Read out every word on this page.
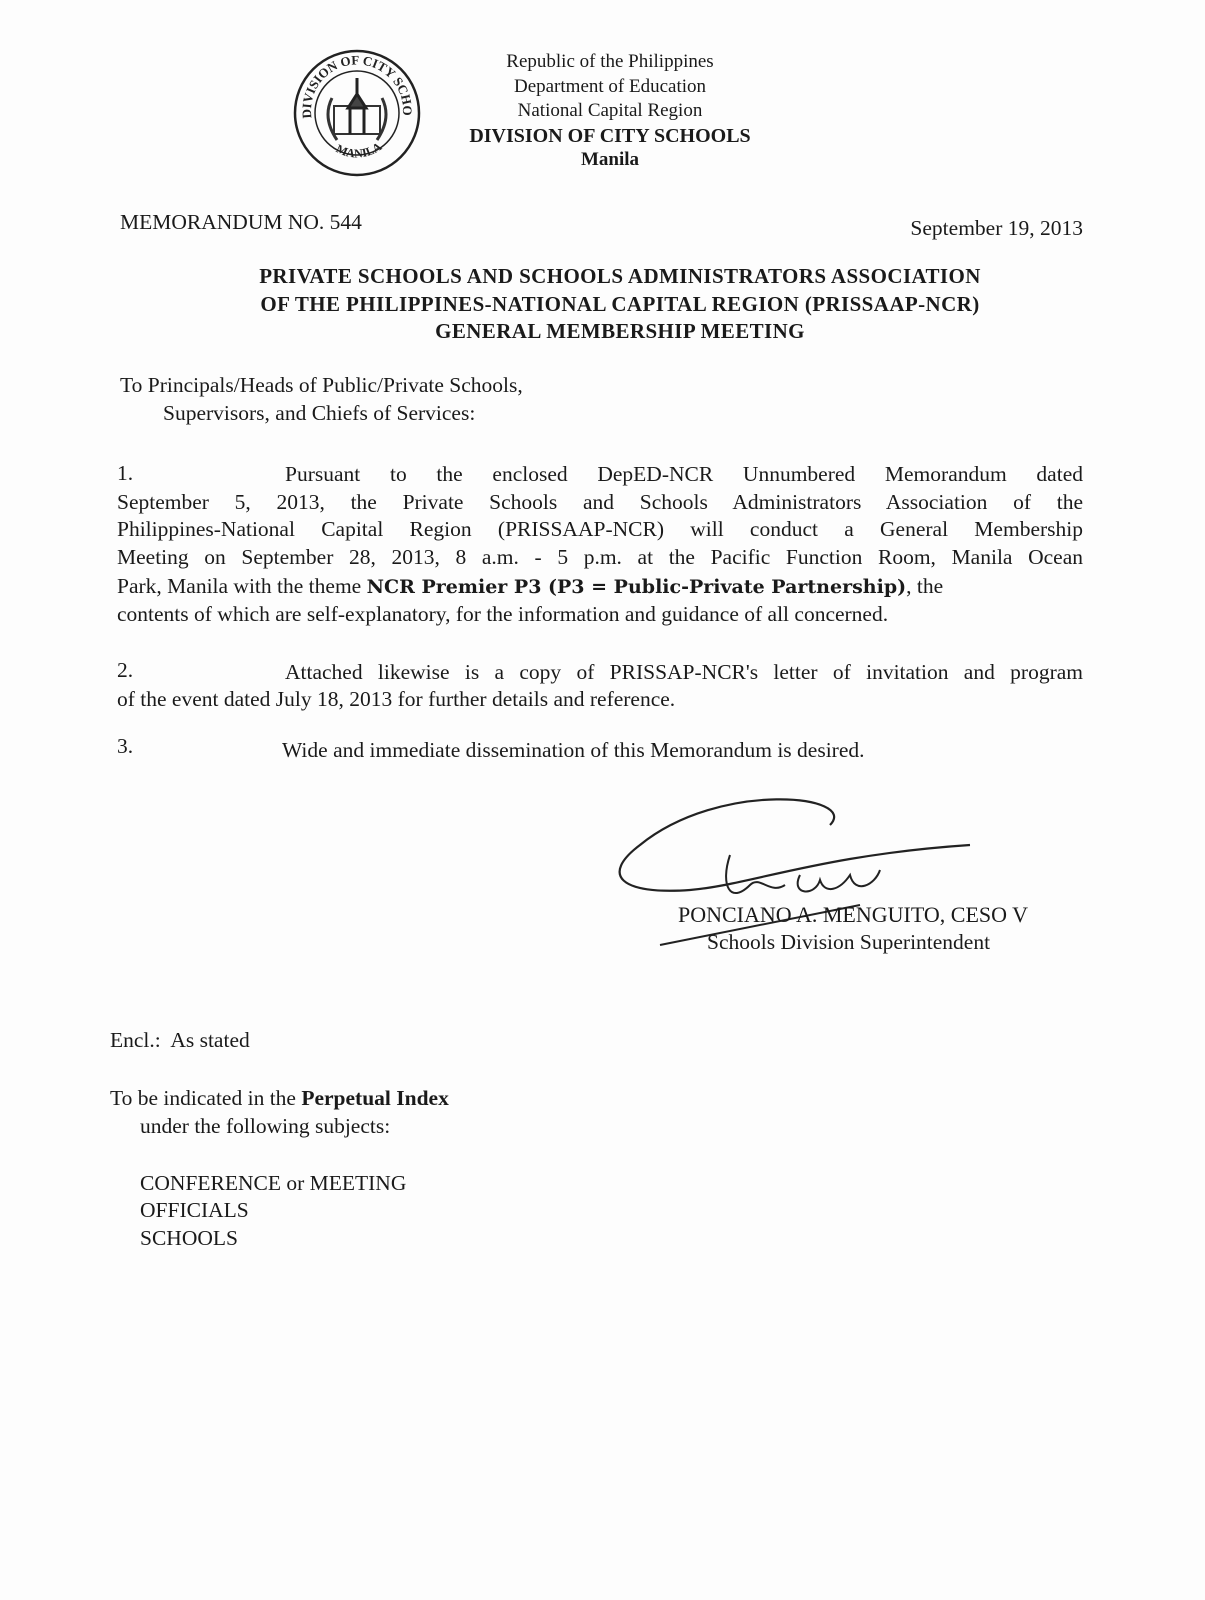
DIVISION OF CITY SCHO
MANILA
Republic of the Philippines
Department of Education
National Capital Region
DIVISION OF CITY SCHOOLS
Manila
MEMORANDUM NO. 544	September 19, 2013
PRIVATE SCHOOLS AND SCHOOLS ADMINISTRATORS ASSOCIATION
OF THE PHILIPPINES-NATIONAL CAPITAL REGION (PRISSAAP-NCR)
GENERAL MEMBERSHIP MEETING
To Principals/Heads of Public/Private Schools,
Supervisors, and Chiefs of Services:
1.	Pursuant to the enclosed DepED-NCR Unnumbered Memorandum dated
September 5, 2013, the Private Schools and Schools Administrators Association of the
Philippines-National Capital Region (PRISSAAP-NCR) will conduct a General Membership
Meeting on September 28, 2013, 8 a.m. - 5 p.m. at the Pacific Function Room, Manila Ocean
Park, Manila with the theme NCR Premier P3 (P3 = Public-Private Partnership), the
contents of which are self-explanatory, for the information and guidance of all concerned.
2.	Attached likewise is a copy of PRISSAP-NCR's letter of invitation and program
of the event dated July 18, 2013 for further details and reference.
3.	Wide and immediate dissemination of this Memorandum is desired.
PONCIANO A. MENGUITO, CESO V
Schools Division Superintendent
Encl.: As stated
To be indicated in the Perpetual Index
under the following subjects:
CONFERENCE or MEETING
OFFICIALS
SCHOOLS
